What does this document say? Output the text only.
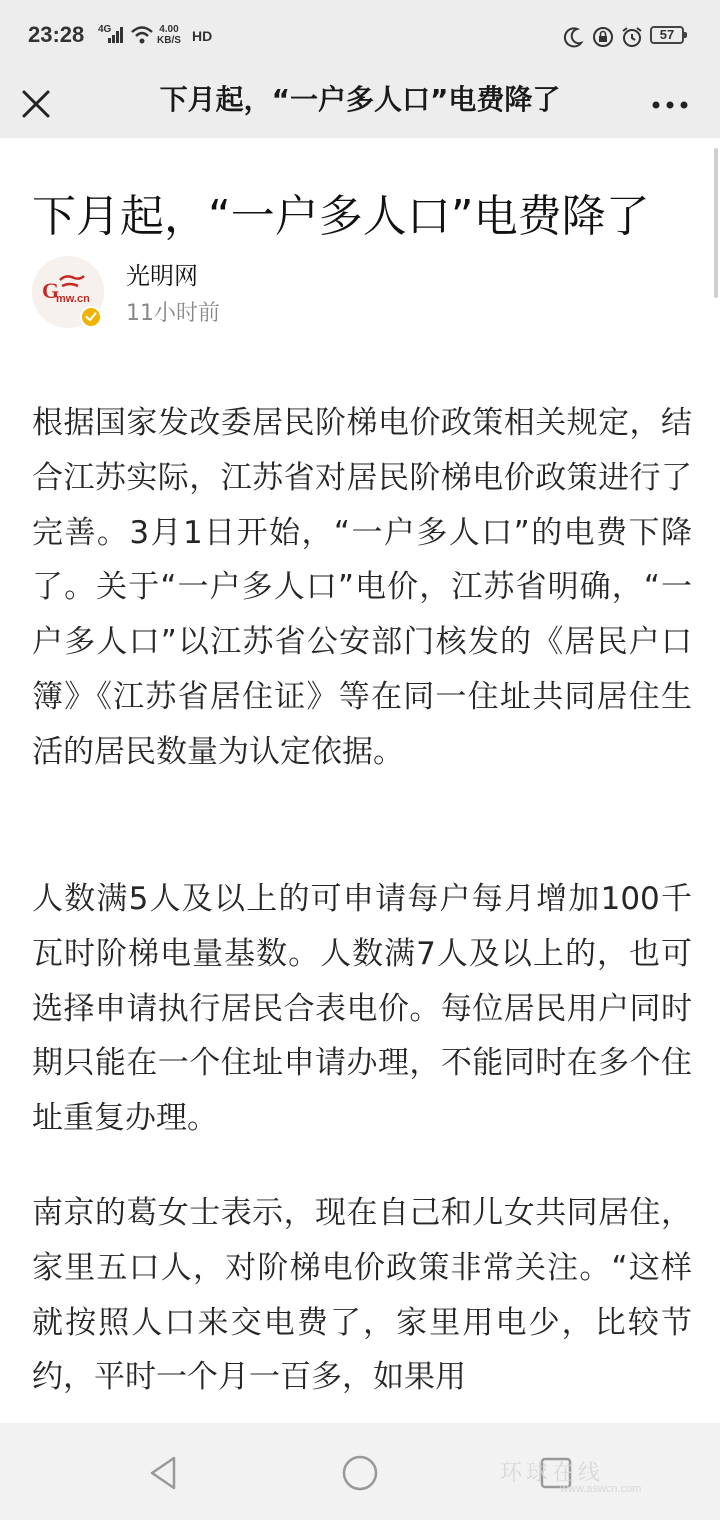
23:28 4G	4.00
KB/S HD	57
下月起，“一户多人口”电费降了
下月起，“一户多人口”电费降了
G
mw.cn
光明网
11小时前

根据国家发改委居民阶梯电价政策相关规定，结合江苏实际，江苏省对居民阶梯电价政策进行了完善。3月1日开始，“一户多人口”的电费下降了。关于“一户多人口”电价，江苏省明确，“一户多人口”以江苏省公安部门核发的《居民户口簿》《江苏省居住证》等在同一住址共同居住生活的居民数量为认定依据。

人数满5人及以上的可申请每户每月增加100千瓦时阶梯电量基数。人数满7人及以上的，也可选择申请执行居民合表电价。每位居民用户同时期只能在一个住址申请办理，不能同时在多个住址重复办理。

南京的葛女士表示，现在自己和儿女共同居住，家里五口人，对阶梯电价政策非常关注。“这样就按照人口来交电费了，家里用电少，比较节约，平时一个月一百多，如果用

环球在线
www.aswcn.com
